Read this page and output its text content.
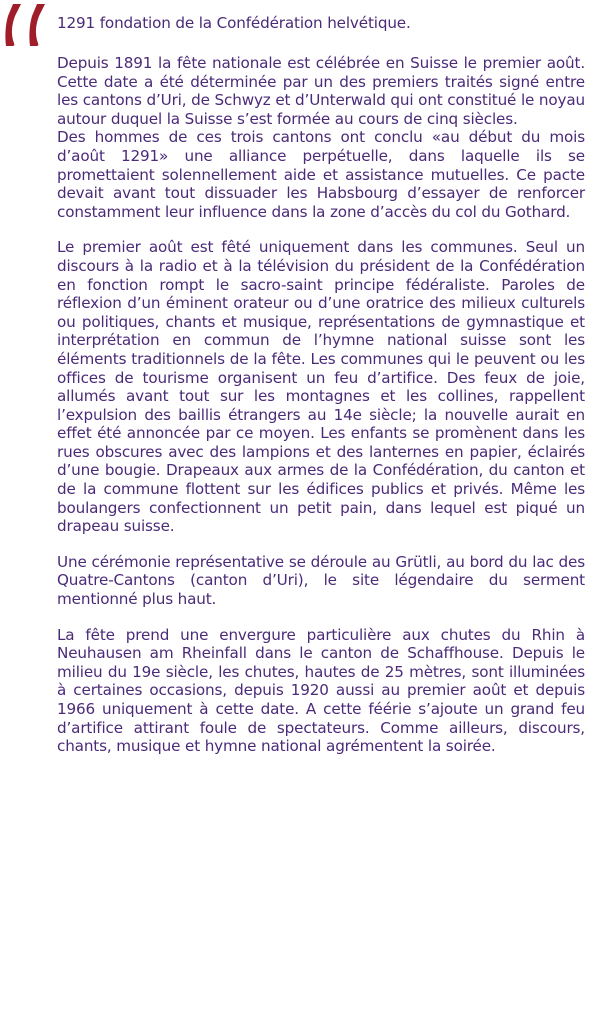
1291 fondation de la Confédération helvétique.

Depuis 1891 la fête nationale est célébrée en Suisse le premier août. Cette date a été déterminée par un des premiers traités signé entre les cantons d’Uri, de Schwyz et d’Unterwald qui ont constitué le noyau autour duquel la Suisse s’est formée au cours de cinq siècles.

Des hommes de ces trois cantons ont conclu «au début du mois d’août 1291» une alliance perpétuelle, dans laquelle ils se promettaient solennellement aide et assistance mutuelles. Ce pacte devait avant tout dissuader les Habsbourg d’essayer de renforcer constamment leur influence dans la zone d’accès du col du Gothard.

Le premier août est fêté uniquement dans les communes. Seul un discours à la radio et à la télévision du président de la Confédération en fonction rompt le sacro-saint principe fédéraliste. Paroles de réflexion d’un éminent orateur ou d’une oratrice des milieux culturels ou politiques, chants et musique, représentations de gymnastique et interprétation en commun de l’hymne national suisse sont les éléments traditionnels de la fête. Les communes qui le peuvent ou les offices de tourisme organisent un feu d’artifice. Des feux de joie, allumés avant tout sur les montagnes et les collines, rappellent l’expulsion des baillis étrangers au 14e siècle; la nouvelle aurait en effet été annoncée par ce moyen. Les enfants se promènent dans les rues obscures avec des lampions et des lanternes en papier, éclairés d’une bougie. Drapeaux aux armes de la Confédération, du canton et de la commune flottent sur les édifices publics et privés. Même les boulangers confectionnent un petit pain, dans lequel est piqué un drapeau suisse.

Une cérémonie représentative se déroule au Grütli, au bord du lac des Quatre-Cantons (canton d’Uri), le site légendaire du serment mentionné plus haut.

La fête prend une envergure particulière aux chutes du Rhin à Neuhausen am Rheinfall dans le canton de Schaffhouse. Depuis le milieu du 19e siècle, les chutes, hautes de 25 mètres, sont illuminées à certaines occasions, depuis 1920 aussi au premier août et depuis 1966 uniquement à cette date. A cette féérie s’ajoute un grand feu d’artifice attirant foule de spectateurs. Comme ailleurs, discours, chants, musique et hymne national agrémentent la soirée.
